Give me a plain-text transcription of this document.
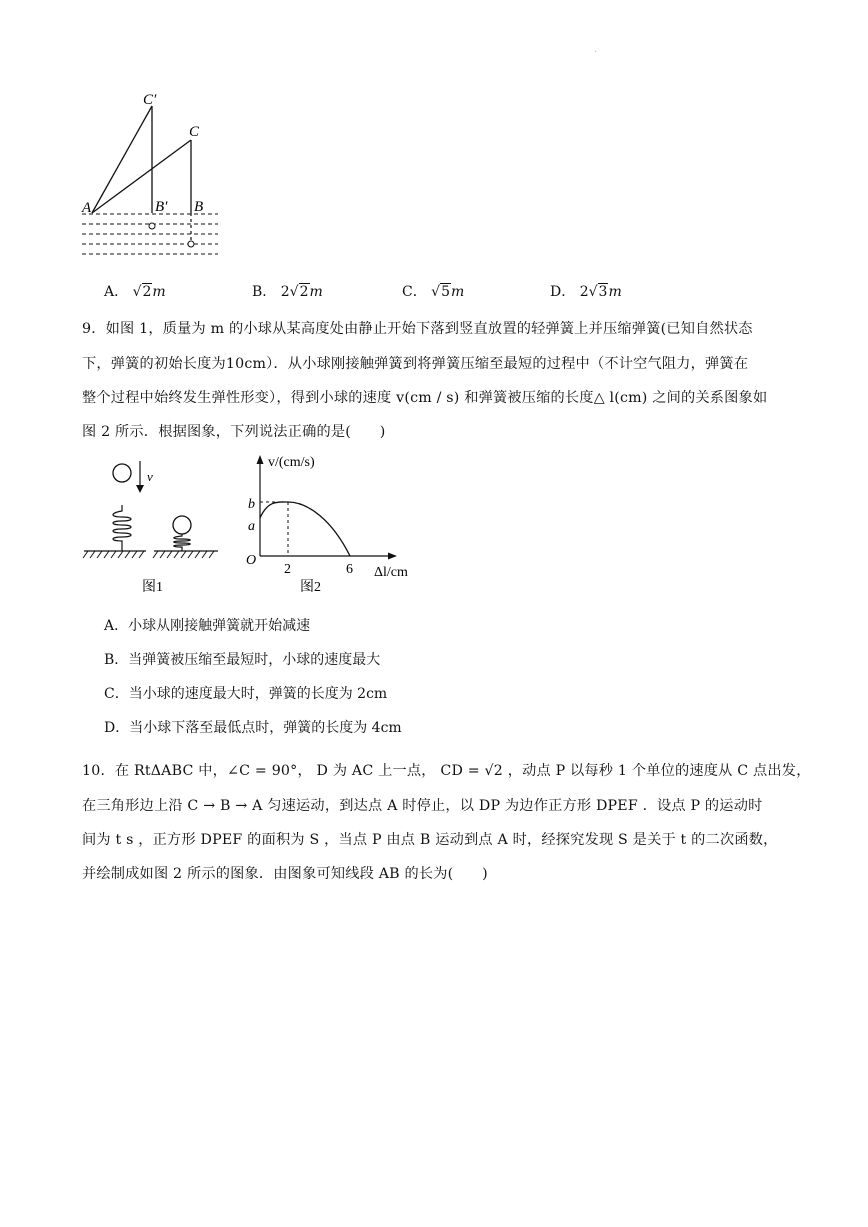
.
C′
C
A	B′ B
A． √2m	B． 2√2m	C． √5m	D． 2√3m
9．如图 1，质量为 m 的小球从某高度处由静止开始下落到竖直放置的轻弹簧上并压缩弹簧(已知自然状态
下，弹簧的初始长度为10cm）．从小球刚接触弹簧到将弹簧压缩至最短的过程中（不计空气阻力，弹簧在
整个过程中始终发生弹性形变），得到小球的速度 v(cm / s) 和弹簧被压缩的长度△ l(cm) 之间的关系图象如
图 2 所示．根据图象，下列说法正确的是(　　)
v
图1
v/(cm/s)
b
a
O
2	6 Δl/cm
图2
A．小球从刚接触弹簧就开始减速
B．当弹簧被压缩至最短时，小球的速度最大
C．当小球的速度最大时，弹簧的长度为 2cm
D．当小球下落至最低点时，弹簧的长度为 4cm
10．在 RtΔABC 中，∠C = 90°， D 为 AC 上一点， CD = √2 ，动点 P 以每秒 1 个单位的速度从 C 点出发，
在三角形边上沿 C → B → A 匀速运动，到达点 A 时停止，以 DP 为边作正方形 DPEF ．设点 P 的运动时
间为 t s ，正方形 DPEF 的面积为 S ，当点 P 由点 B 运动到点 A 时，经探究发现 S 是关于 t 的二次函数，
并绘制成如图 2 所示的图象．由图象可知线段 AB 的长为(　　)
